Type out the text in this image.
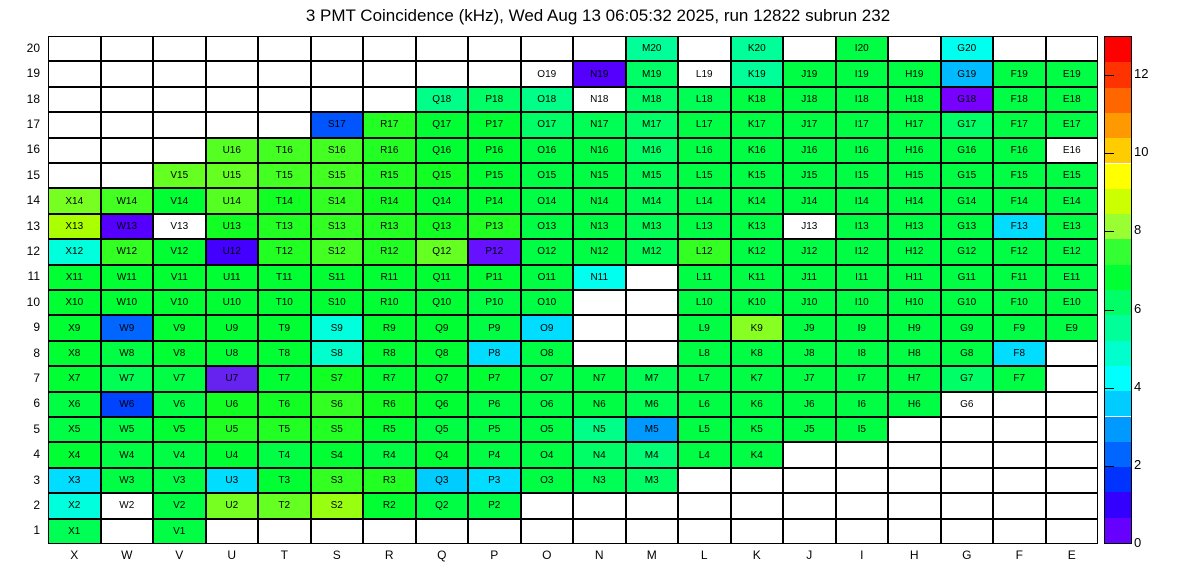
3 PMT Coincidence (kHz), Wed Aug 13 06:05:32 2025, run 12822 subrun 232
X1	V1
X2	W2	V2	U2	T2	S2	R2	Q2	P2
X3	W3	V3	U3	T3	S3	R3	Q3	P3	O3	N3	M3
X4	W4	V4	U4	T4	S4	R4	Q4	P4	O4	N4	M4	L4	K4
X5	W5	V5	U5	T5	S5	R5	Q5	P5	O5	N5	M5	L5	K5	J5	I5
X6	W6	V6	U6	T6	S6	R6	Q6	P6	O6	N6	M6	L6	K6	J6	I6	H6	G6
X7	W7	V7	U7	T7	S7	R7	Q7	P7	O7	N7	M7	L7	K7	J7	I7	H7	G7	F7
X8	W8	V8	U8	T8	S8	R8	Q8	P8	O8	L8	K8	J8	I8	H8	G8	F8
X9	W9	V9	U9	T9	S9	R9	Q9	P9	O9	L9	K9	J9	I9	H9	G9	F9	E9
X10	W10	V10	U10	T10	S10	R10	Q10	P10	O10	L10	K10	J10	I10	H10	G10	F10	E10
X11	W11	V11	U11	T11	S11	R11	Q11	P11	O11	N11	L11	K11	J11	I11	H11	G11	F11	E11
X12	W12	V12	U12	T12	S12	R12	Q12	P12	O12	N12	M12	L12	K12	J12	I12	H12	G12	F12	E12
X13	W13	V13	U13	T13	S13	R13	Q13	P13	O13	N13	M13	L13	K13	J13	I13	H13	G13	F13	E13
X14	W14	V14	U14	T14	S14	R14	Q14	P14	O14	N14	M14	L14	K14	J14	I14	H14	G14	F14	E14
V15	U15	T15	S15	R15	Q15	P15	O15	N15	M15	L15	K15	J15	I15	H15	G15	F15	E15
U16	T16	S16	R16	Q16	P16	O16	N16	M16	L16	K16	J16	I16	H16	G16	F16	E16
S17	R17	Q17	P17	O17	N17	M17	L17	K17	J17	I17	H17	G17	F17	E17
Q18	P18	O18	N18	M18	L18	K18	J18	I18	H18	G18	F18	E18
O19	N19	M19	L19	K19	J19	I19	H19	G19	F19	E19
M20	K20	I20	G20
1
2
3
4
5
6
7
8
9
10
11
12
13
14
15
16
17
18
19
20
X	W	V	U	T	S	R	Q	P	O	N	M	L	K	J	I	H	G	F	E
0
2
4
6
8
10
12
